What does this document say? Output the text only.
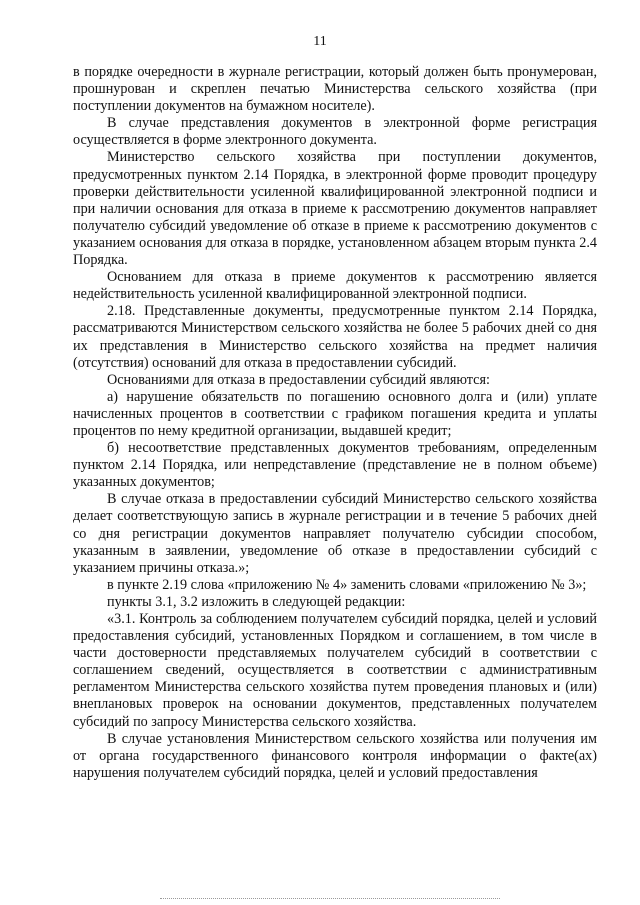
11

в порядке очередности в журнале регистрации, который должен быть пронумерован, прошнурован и скреплен печатью Министерства сельского хозяйства (при поступлении документов на бумажном носителе).

В случае представления документов в электронной форме регистрация осуществляется в форме электронного документа.

Министерство сельского хозяйства при поступлении документов, предусмотренных пунктом 2.14 Порядка, в электронной форме проводит процедуру проверки действительности усиленной квалифицированной электронной подписи и при наличии основания для отказа в приеме к рассмотрению документов направляет получателю субсидий уведомление об отказе в приеме к рассмотрению документов с указанием основания для отказа в порядке, установленном абзацем вторым пункта 2.4 Порядка.

Основанием для отказа в приеме документов к рассмотрению является недействительность усиленной квалифицированной электронной подписи.

2.18. Представленные документы, предусмотренные пунктом 2.14 Порядка, рассматриваются Министерством сельского хозяйства не более 5 рабочих дней со дня их представления в Министерство сельского хозяйства на предмет наличия (отсутствия) оснований для отказа в предоставлении субсидий.

Основаниями для отказа в предоставлении субсидий являются:

а) нарушение обязательств по погашению основного долга и (или) уплате начисленных процентов в соответствии с графиком погашения кредита и уплаты процентов по нему кредитной организации, выдавшей кредит;

б) несоответствие представленных документов требованиям, определенным пунктом 2.14 Порядка, или непредставление (представление не в полном объеме) указанных документов;

В случае отказа в предоставлении субсидий Министерство сельского хозяйства делает соответствующую запись в журнале регистрации и в течение 5 рабочих дней со дня регистрации документов направляет получателю субсидии способом, указанным в заявлении, уведомление об отказе в предоставлении субсидий с указанием причины отказа.»;

в пункте 2.19 слова «приложению № 4» заменить словами «приложению № 3»;

пункты 3.1, 3.2 изложить в следующей редакции:

«3.1. Контроль за соблюдением получателем субсидий порядка, целей и условий предоставления субсидий, установленных Порядком и соглашением, в том числе в части достоверности представляемых получателем субсидий в соответствии с соглашением сведений, осуществляется в соответствии с административным регламентом Министерства сельского хозяйства путем проведения плановых и (или) внеплановых проверок на основании документов, представленных получателем субсидий по запросу Министерства сельского хозяйства.

В случае установления Министерством сельского хозяйства или получения им от органа государственного финансового контроля информации о факте(ах) нарушения получателем субсидий порядка, целей и условий предоставления
